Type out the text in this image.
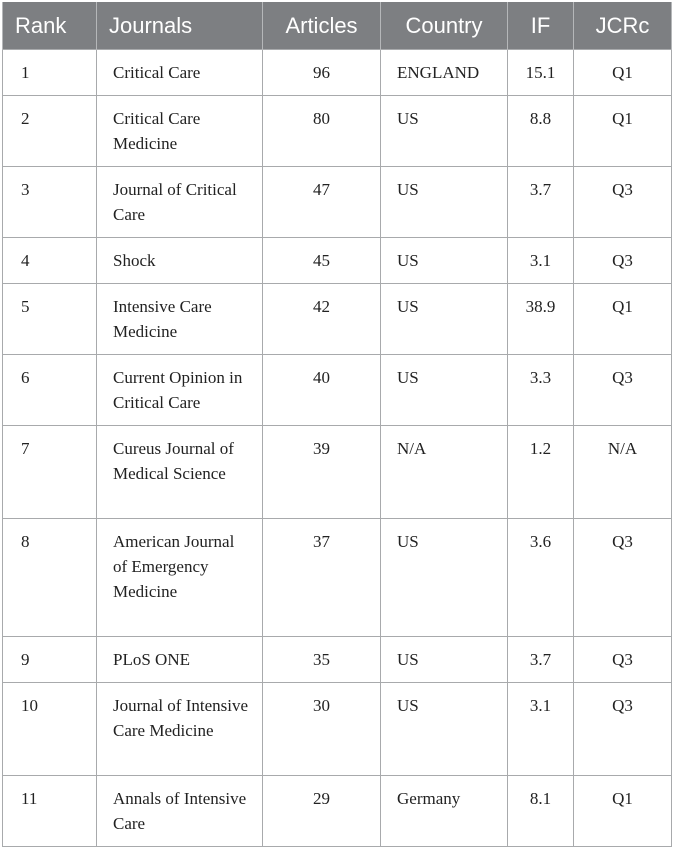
Rank	Journals	Articles	Country	IF	JCRc
1	Critical Care	96	ENGLAND	15.1	Q1
2	Critical Care Medicine	80	US	8.8	Q1
3	Journal of Critical Care	47	US	3.7	Q3
4	Shock	45	US	3.1	Q3
5	Intensive Care Medicine	42	US	38.9	Q1
6	Current Opinion in Critical Care	40	US	3.3	Q3
7	Cureus Journal of Medical Science	39	N/A	1.2	N/A
8	American Journal of Emergency Medicine	37	US	3.6	Q3
9	PLoS ONE	35	US	3.7	Q3
10	Journal of Intensive Care Medicine	30	US	3.1	Q3
11	Annals of Intensive Care	29	Germany	8.1	Q1
